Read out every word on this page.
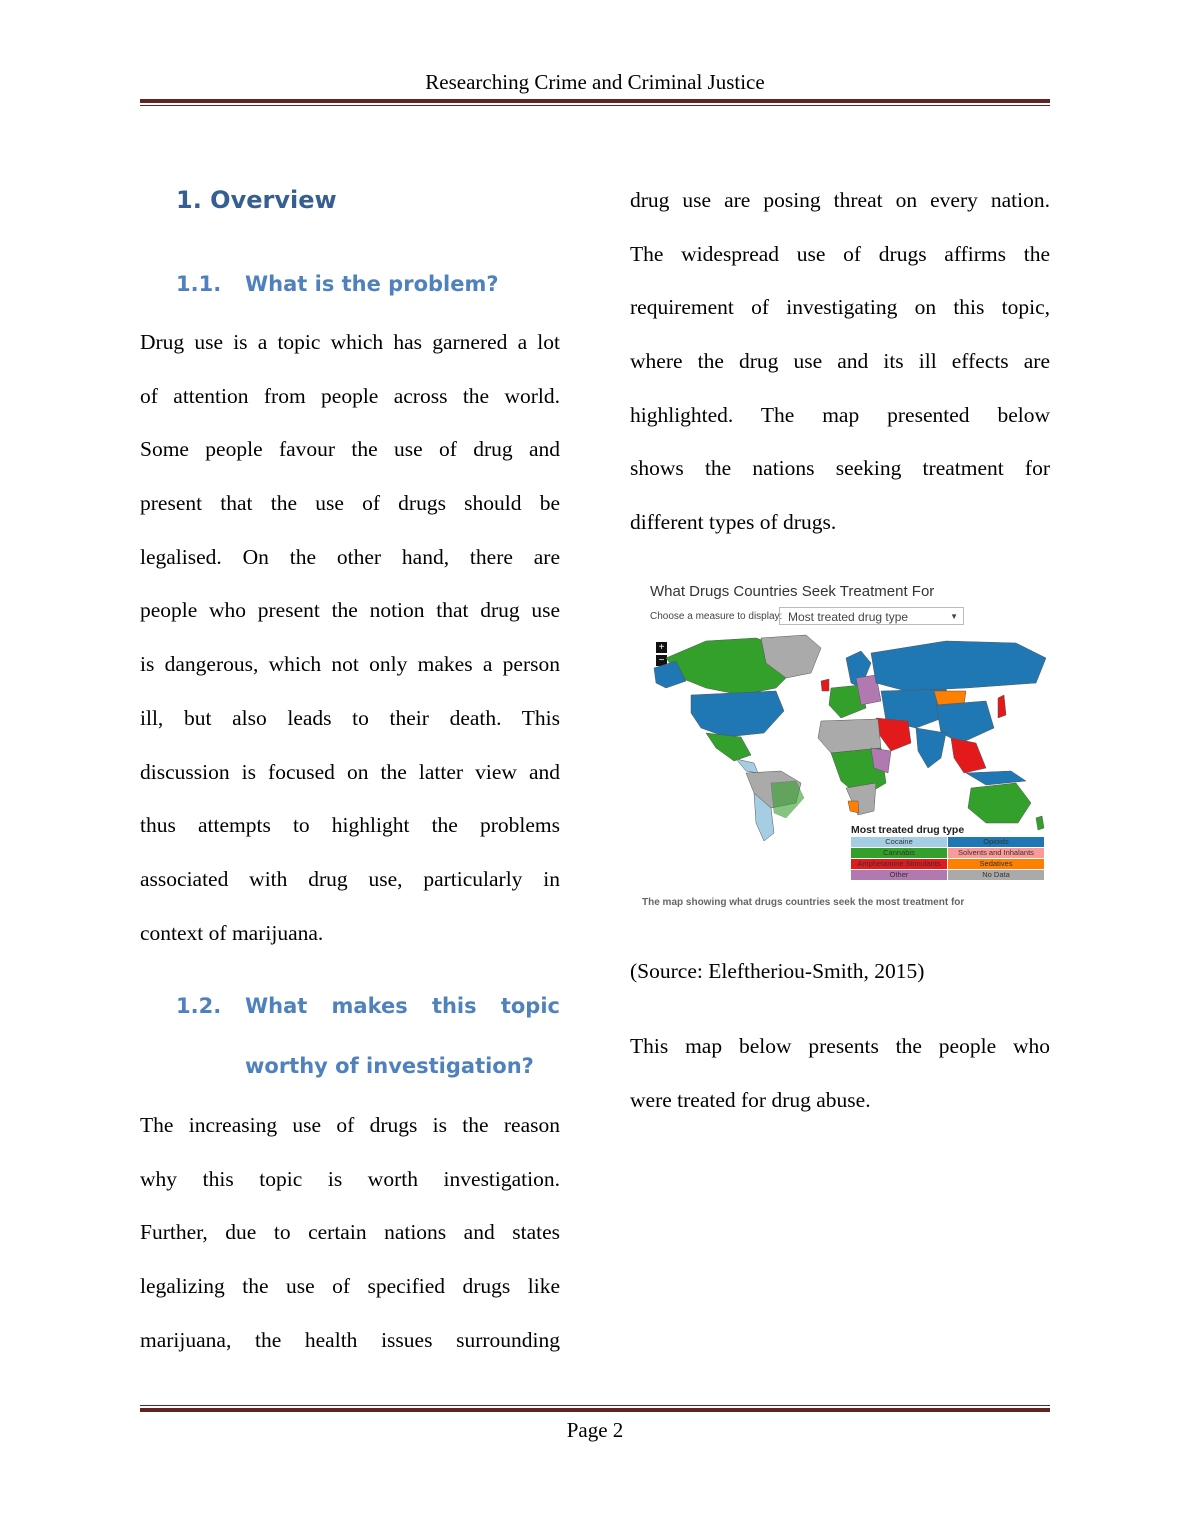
Researching Crime and Criminal Justice
1. Overview
1.1. What is the problem?
Drug use is a topic which has garnered a lot
of attention from people across the world.
Some people favour the use of drug and
present that the use of drugs should be
legalised. On the other hand, there are
people who present the notion that drug use
is dangerous, which not only makes a person
ill, but also leads to their death. This
discussion is focused on the latter view and
thus attempts to highlight the problems
associated with drug use, particularly in
context of marijuana.
1.2. What makes this topic
worthy of investigation?
The increasing use of drugs is the reason
why this topic is worth investigation.
Further, due to certain nations and states
legalizing the use of specified drugs like
marijuana, the health issues surrounding
drug use are posing threat on every nation.
The widespread use of drugs affirms the
requirement of investigating on this topic,
where the drug use and its ill effects are
highlighted. The map presented below
shows the nations seeking treatment for
different types of drugs.
What Drugs Countries Seek Treatment For
Choose a measure to display: Most treated drug type	▼
+
−
Most treated drug type
Cocaine	Opioids
Cannabis	Solvents and Inhalants
Amphetamine Stimulants	Sedatives
Other	No Data
The map showing what drugs countries seek the most treatment for
(Source: Eleftheriou-Smith, 2015)
This map below presents the people who
were treated for drug abuse.
Page 2
